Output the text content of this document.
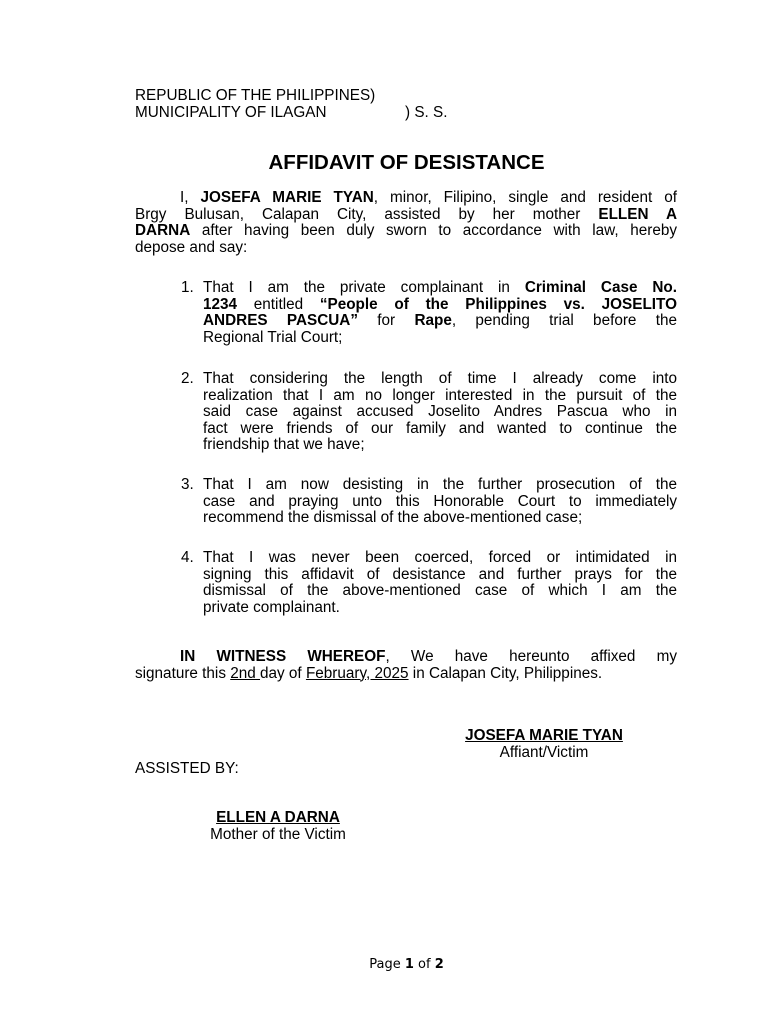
REPUBLIC OF THE PHILIPPINES)
MUNICIPALITY OF ILAGAN	) S. S.
AFFIDAVIT OF DESISTANCE
I, JOSEFA MARIE TYAN, minor, Filipino, single and resident of
Brgy Bulusan, Calapan City, assisted by her mother ELLEN A
DARNA after having been duly sworn to accordance with law, hereby
depose and say:
1. That I am the private complainant in Criminal Case No.
1234 entitled “People of the Philippines vs. JOSELITO
ANDRES PASCUA” for Rape, pending trial before the
Regional Trial Court;
2. That considering the length of time I already come into
realization that I am no longer interested in the pursuit of the
said case against accused Joselito Andres Pascua who in
fact were friends of our family and wanted to continue the
friendship that we have;
3. That I am now desisting in the further prosecution of the
case and praying unto this Honorable Court to immediately
recommend the dismissal of the above-mentioned case;
4. That I was never been coerced, forced or intimidated in
signing this affidavit of desistance and further prays for the
dismissal of the above-mentioned case of which I am the
private complainant.
IN WITNESS WHEREOF, We have hereunto affixed my
signature this 2nd day of February, 2025 in Calapan City, Philippines.
JOSEFA MARIE TYAN
Affiant/Victim
ASSISTED BY:
ELLEN A DARNA
Mother of the Victim
Page 1 of 2
